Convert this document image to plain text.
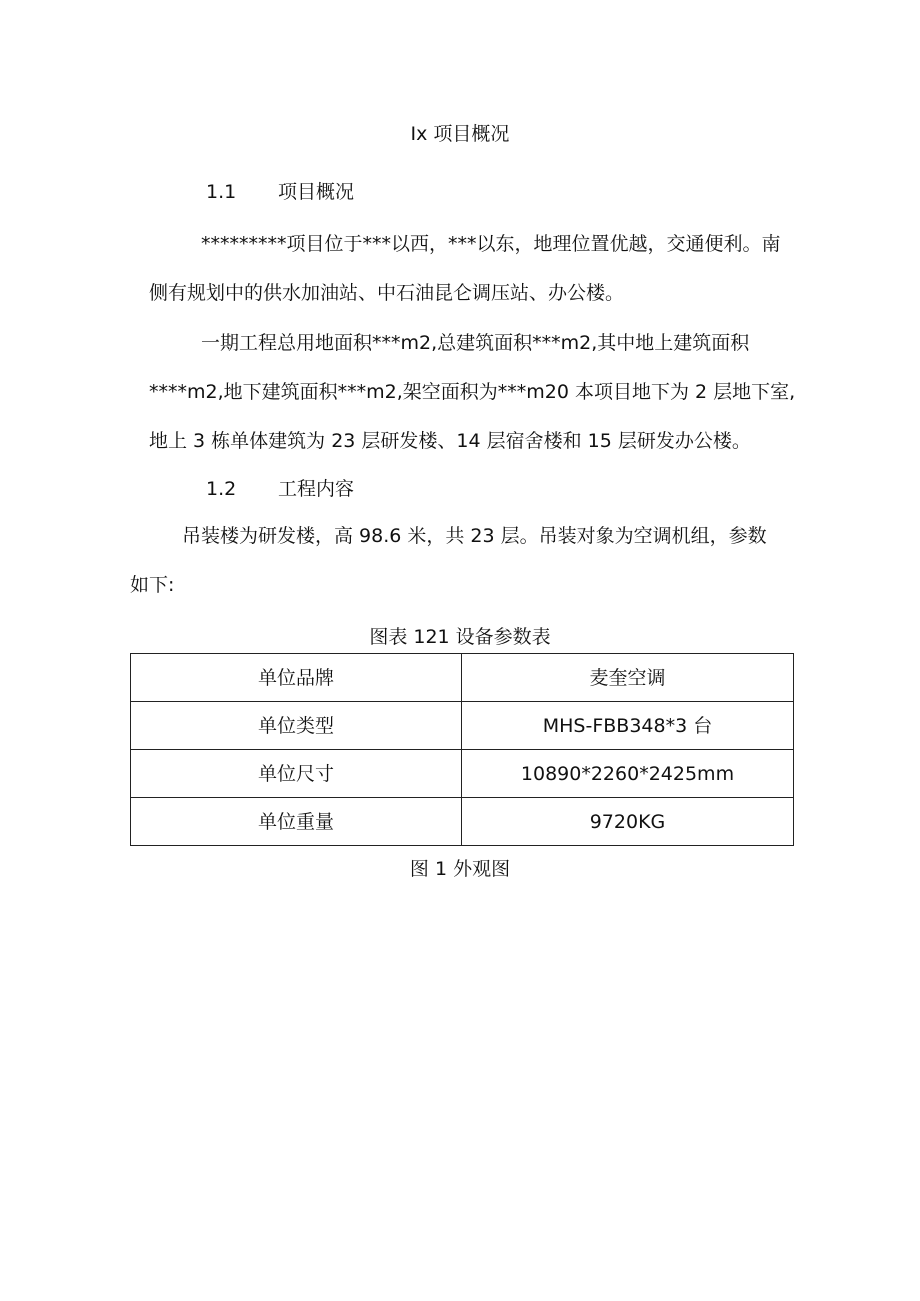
Ix 项目概况
1.1 项目概况
*********项目位于***以西，***以东，地理位置优越，交通便利。南
侧有规划中的供水加油站、中石油昆仑调压站、办公楼。
一期工程总用地面积***m2,总建筑面积***m2,其中地上建筑面积
****m2,地下建筑面积***m2,架空面积为***m20 本项目地下为 2 层地下室,
地上 3 栋单体建筑为 23 层研发楼、14 层宿舍楼和 15 层研发办公楼。
1.2 工程内容
吊装楼为研发楼，高 98.6 米，共 23 层。吊装对象为空调机组，参数
如下:
图表 121 设备参数表
单位品牌	麦奎空调
单位类型	MHS-FBB348*3 台
单位尺寸	10890*2260*2425mm
单位重量	9720KG
图 1 外观图
